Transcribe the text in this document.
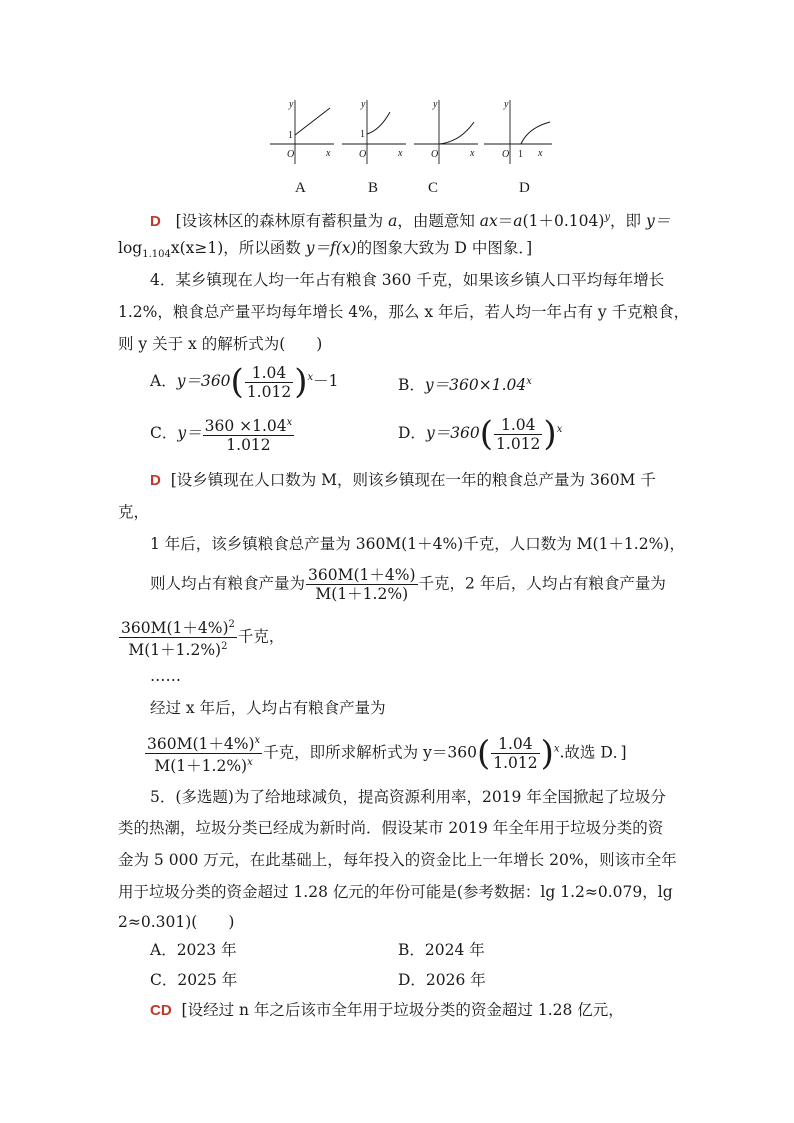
y
x
O
1
y
x
O
1
y
x
O
y
x
O 1
A	B	C	D
D [设该林区的森林原有蓄积量为 a，由题意知 $ax=a(1+0.104)^y$，即 y＝
$\log_{1.104}x(x\ge 1)$，所以函数 y＝f(x)的图象大致为 D 中图象．]
4．某乡镇现在人均一年占有粮食 360 千克，如果该乡镇人口平均每年增长
1.2%，粮食总产量平均每年增长 4%，那么 x 年后，若人均一年占有 y 千克粮食，
则 y 关于 x 的解析式为(　　)
A．$y=360( \frac{1.04}{1.012} )^x-1$	B．$y=360\times 1.04^x$
C．$y= \frac{360 \times 1.04^x}{1.012}$	D．$y=360( \frac{1.04}{1.012} )^x$
D [设乡镇现在人口数为 M，则该乡镇现在一年的粮食总产量为 360M 千
克，
1 年后，该乡镇粮食总产量为 360M(1＋4%)千克，人口数为 M(1＋1.2%)，
则人均占有粮食产量为 $\frac{360M(1+4\%)}{M(1+1.2\%)}$ 千克，2 年后，人均占有粮食产量为
$\frac{360M(1+4\%)^2}{M(1+1.2\%)^2}$ 千克，
……
经过 x 年后，人均占有粮食产量为
$\frac{360M(1+4\%)^x}{M(1+1.2\%)^x}$ 千克，即所求解析式为 $y=360( \frac{1.04}{1.012} )^x$.故选 D．]
5．(多选题)为了给地球减负，提高资源利用率，2019 年全国掀起了垃圾分
类的热潮，垃圾分类已经成为新时尚．假设某市 2019 年全年用于垃圾分类的资
金为 5 000 万元，在此基础上，每年投入的资金比上一年增长 20%，则该市全年
用于垃圾分类的资金超过 1.28 亿元的年份可能是(参考数据：lg 1.2≈0.079，lg
2≈0.301)(　　)
A．2023 年	B．2024 年
C．2025 年	D．2026 年
CD [设经过 n 年之后该市全年用于垃圾分类的资金超过 1.28 亿元，
